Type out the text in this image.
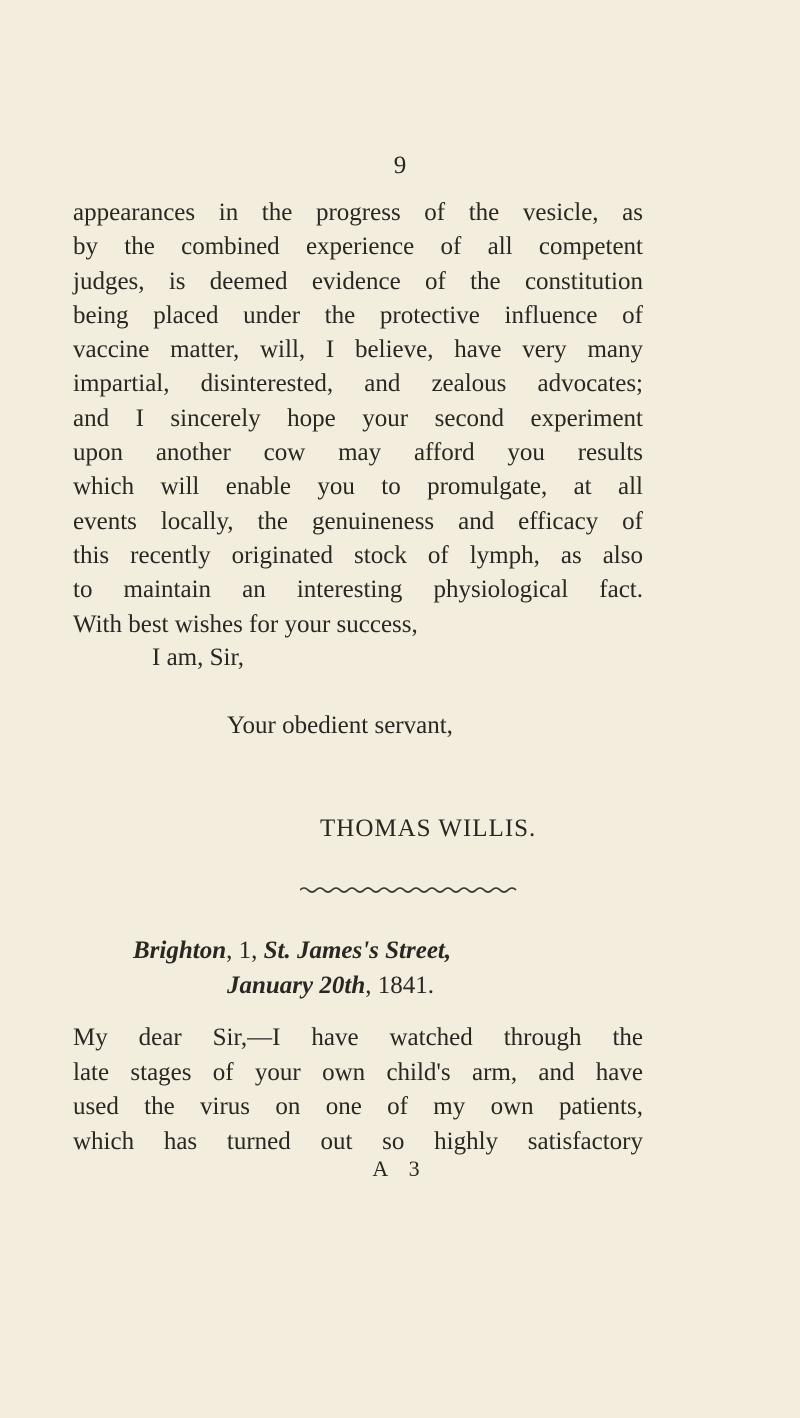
9
appearances in the progress of the vesicle, as
by the combined experience of all competent
judges, is deemed evidence of the constitution
being placed under the protective influence of
vaccine matter, will, I believe, have very many
impartial, disinterested, and zealous advocates;
and I sincerely hope your second experiment
upon another cow may afford you results
which will enable you to promulgate, at all
events locally, the genuineness and efficacy of
this recently originated stock of lymph, as also
to maintain an interesting physiological fact.
With best wishes for your success,
I am, Sir,
Your obedient servant,
THOMAS WILLIS.
Brighton, 1, St. James's Street,
January 20th, 1841.
My dear Sir,—I have watched through the
late stages of your own child's arm, and have
used the virus on one of my own patients,
which has turned out so highly satisfactory
A 3
